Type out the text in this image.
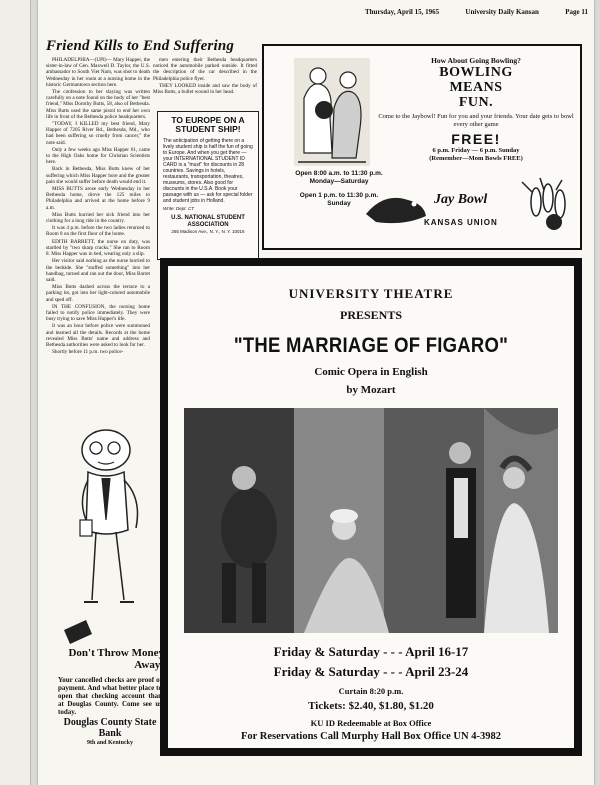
Thursday, April 15, 1965	University Daily Kansan	Page 11
Friend Kills to End Suffering

PHILADELPHIA—(UPI)— Mary Happer, the sister-in-law of Gen. Maxwell D. Taylor, the U.S. ambassador to South Viet Nam, was shot to death Wednesday in her room at a nursing home in the historic Germantown section here.

The confession to her slaying was written carefully on a note found on the body of her "best friend," Miss Dorothy Butts, 58, also of Bethesda. Miss Butts used the same pistol to end her own life in front of the Bethesda police headquarters.

"TODAY, I KILLED my best friend, Mary Happer of 7205 River Rd., Bethesda, Md., who had been suffering so cruelly from cancer," the note said.

Only a few weeks ago Miss Happer 61, came to the High Oaks home for Christian Scientists here.

Back in Bethesda, Miss Butts knew of her suffering which Miss Happer bore and the greater pain she would suffer before death would end it.

MISS BUTTS arose early Wednesday in her Bethesda home, drove the 125 miles to Philadelphia and arrived at the home before 9 a.m.

Miss Butts hurried her sick friend into her clothing for a long ride in the country.

It was 4 p.m. before the two ladies returned to Room 8 on the first floor of the home.

EDITH BARRETT, the nurse on duty, was startled by "two sharp cracks." She ran to Room 8. Miss Happer was in bed, wearing only a slip.

Her visitor said nothing as the nurse hurried to the bedside. She "stuffed something" into her handbag, turned and ran out the door, Miss Barret said.

Miss Butts dashed across the terrace to a parking lot, got into her light-colored automobile and sped off.

IN THE CONFUSION, the nursing home failed to notify police immediately. They were busy trying to save Miss Happer's life.

It was an hour before police were summoned and learned all the details. Records at the home revealed Miss Butts' name and address and Bethesda authorities were asked to look for her.

Shortly before 11 p.m. two police-

men entering their Bethesda headquarters noticed the automobile parked outside. It fitted the description of the car described in the Philadelphia police flyer.

THEY LOOKED inside and saw the body of Miss Butts, a bullet wound in her head.

TO EUROPE ON A STUDENT SHIP!
The anticipation of getting there on a lively student ship is half the fun of going to Europe. And when you get there — your INTERNATIONAL STUDENT ID CARD is a "must" for discounts in 28 countries. Savings in hotels, restaurants, transportation, theatres, museums, stores. Also good for discounts in the U.S.A. Book your passage with us — ask for special folder and student jobs in Holland.
Write: Dept. CT
U.S. NATIONAL STUDENT ASSOCIATION
265 Madison Ave., N. Y., N. Y. 10016
Open 8:00 a.m. to 11:30 p.m. Monday—Saturday
Open 1 p.m. to 11:30 p.m. Sunday
How About Going Bowling?
BOWLING
MEANS
FUN.
Come to the Jaybowl! Fun for you and your friends. Your date gets to bowl every other game
FREE!
6 p.m. Friday — 6 p.m. Sunday
(Remember—Mom Bowls FREE)
Jay Bowl
KANSAS UNION
UNIVERSITY THEATRE
PRESENTS
"THE MARRIAGE OF FIGARO"
Comic Opera in English
by Mozart
Friday & Saturday - - - April 16-17
Friday & Saturday - - - April 23-24
Curtain 8:20 p.m.
Tickets: $2.40, $1.80, $1.20
KU ID Redeemable at Box Office
For Reservations Call Murphy Hall Box Office UN 4-3982
Don't Throw Money Away!
Your cancelled checks are proof of payment. And what better place to open that checking account than at Douglas County. Come see us today.
Douglas County State Bank
9th and Kentucky
